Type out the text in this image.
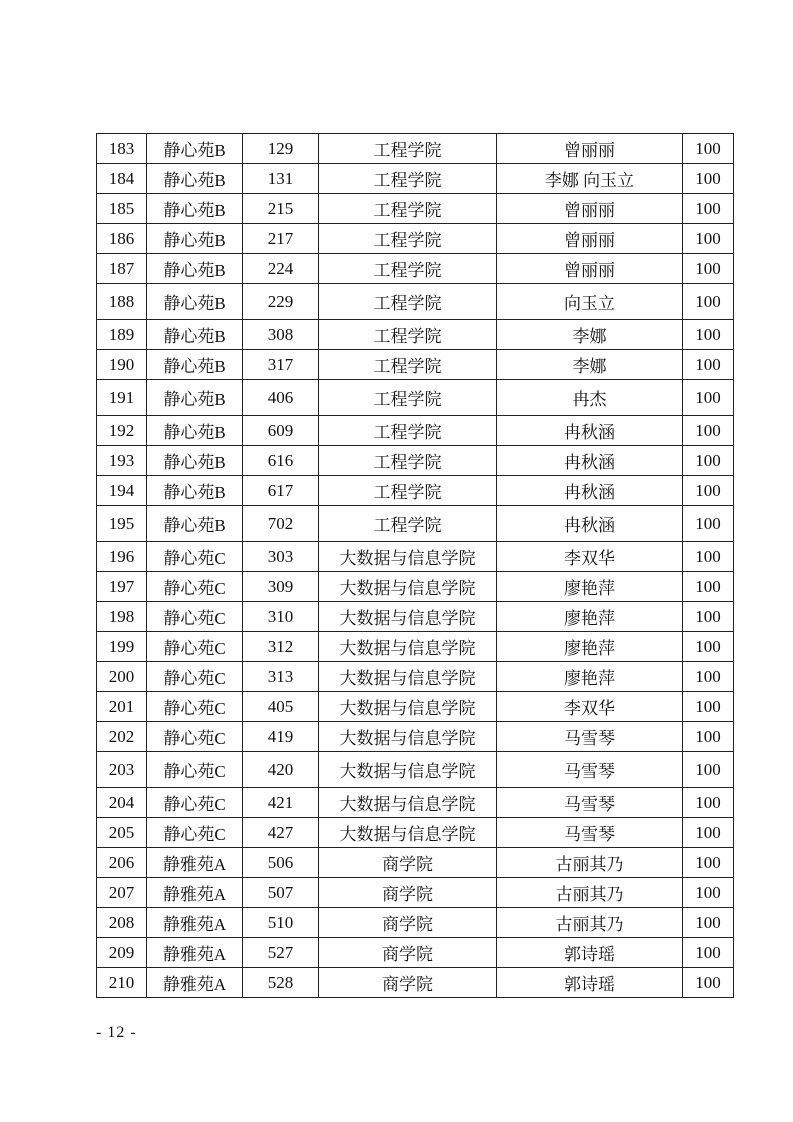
183	静心苑B	129	工程学院	曾丽丽	100
184	静心苑B	131	工程学院	李娜 向玉立	100
185	静心苑B	215	工程学院	曾丽丽	100
186	静心苑B	217	工程学院	曾丽丽	100
187	静心苑B	224	工程学院	曾丽丽	100
188	静心苑B	229	工程学院	向玉立	100
189	静心苑B	308	工程学院	李娜	100
190	静心苑B	317	工程学院	李娜	100
191	静心苑B	406	工程学院	冉杰	100
192	静心苑B	609	工程学院	冉秋涵	100
193	静心苑B	616	工程学院	冉秋涵	100
194	静心苑B	617	工程学院	冉秋涵	100
195	静心苑B	702	工程学院	冉秋涵	100
196	静心苑C	303	大数据与信息学院	李双华	100
197	静心苑C	309	大数据与信息学院	廖艳萍	100
198	静心苑C	310	大数据与信息学院	廖艳萍	100
199	静心苑C	312	大数据与信息学院	廖艳萍	100
200	静心苑C	313	大数据与信息学院	廖艳萍	100
201	静心苑C	405	大数据与信息学院	李双华	100
202	静心苑C	419	大数据与信息学院	马雪琴	100
203	静心苑C	420	大数据与信息学院	马雪琴	100
204	静心苑C	421	大数据与信息学院	马雪琴	100
205	静心苑C	427	大数据与信息学院	马雪琴	100
206	静雅苑A	506	商学院	古丽其乃	100
207	静雅苑A	507	商学院	古丽其乃	100
208	静雅苑A	510	商学院	古丽其乃	100
209	静雅苑A	527	商学院	郭诗瑶	100
210	静雅苑A	528	商学院	郭诗瑶	100
- 12 -
